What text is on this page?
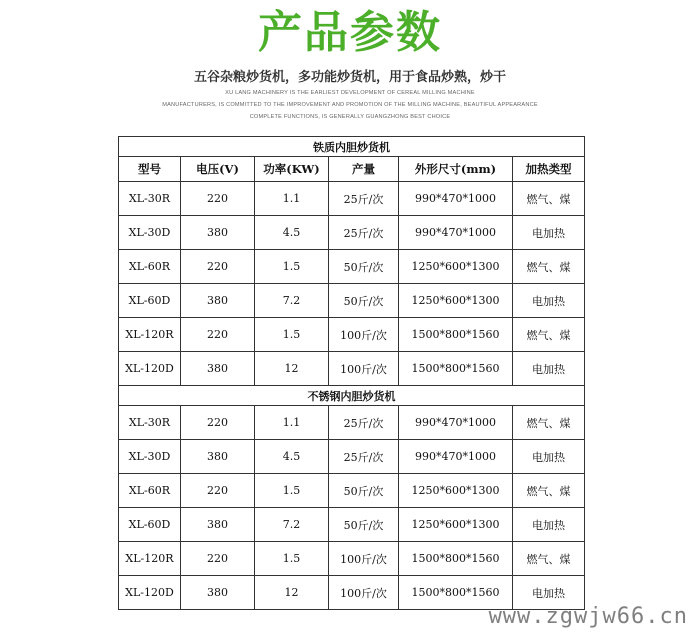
产品参数
五谷杂粮炒货机，多功能炒货机，用于食品炒熟，炒干
XU LANG MACHINERY IS THE EARLIEST DEVELOPMENT OF CEREAL MILLING MACHINE
MANUFACTURERS, IS COMMITTED TO THE IMPROVEMENT AND PROMOTION OF THE MILLING MACHINE, BEAUTIFUL APPEARANCE
COMPLETE FUNCTIONS, IS GENERALLY GUANGZHONG BEST CHOICE
铁质内胆炒货机					
型号	电压(V)	功率(KW)	产量	外形尺寸(mm)	加热类型
XL-30R	220	1.1	25斤/次	990*470*1000	燃气、煤
XL-30D	380	4.5	25斤/次	990*470*1000	电加热
XL-60R	220	1.5	50斤/次	1250*600*1300	燃气、煤
XL-60D	380	7.2	50斤/次	1250*600*1300	电加热
XL-120R	220	1.5	100斤/次	1500*800*1560	燃气、煤
XL-120D	380	12	100斤/次	1500*800*1560	电加热
不锈钢内胆炒货机					
XL-30R	220	1.1	25斤/次	990*470*1000	燃气、煤
XL-30D	380	4.5	25斤/次	990*470*1000	电加热
XL-60R	220	1.5	50斤/次	1250*600*1300	燃气、煤
XL-60D	380	7.2	50斤/次	1250*600*1300	电加热
XL-120R	220	1.5	100斤/次	1500*800*1560	燃气、煤
XL-120D	380	12	100斤/次	1500*800*1560	电加热
www.zgwjw66.cn
